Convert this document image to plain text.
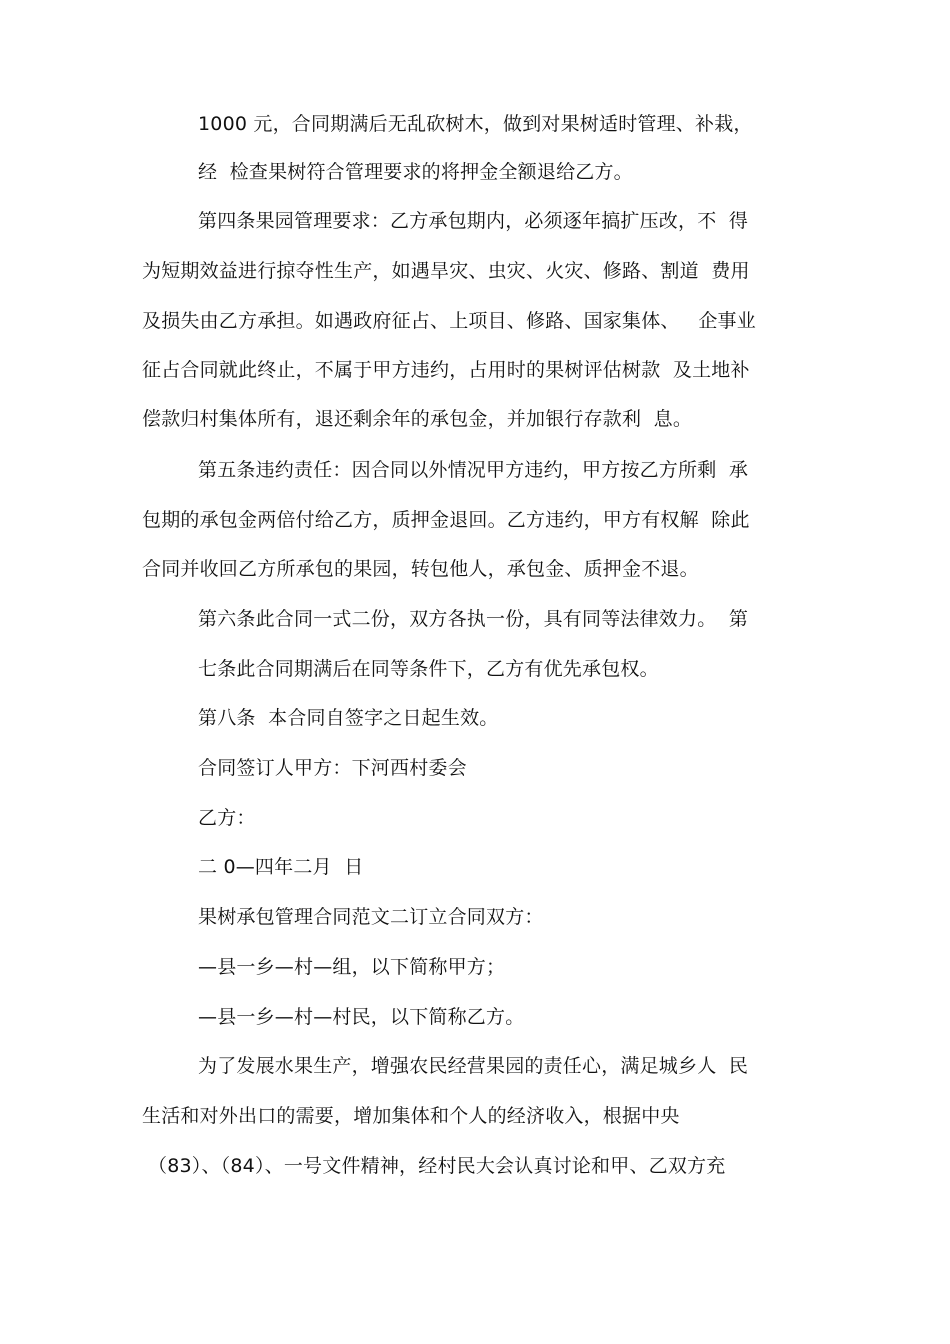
1000 元，合同期满后无乱砍树木，做到对果树适时管理、补栽，
经  检查果树符合管理要求的将押金全额退给乙方。
第四条果园管理要求：乙方承包期内，必须逐年搞扩压改，不  得
为短期效益进行掠夺性生产，如遇旱灾、虫灾、火灾、修路、割道  费用
及损失由乙方承担。如遇政府征占、上项目、修路、国家集体、   企事业
征占合同就此终止，不属于甲方违约，占用时的果树评估树款  及土地补
偿款归村集体所有，退还剩余年的承包金，并加银行存款利  息。
第五条违约责任：因合同以外情况甲方违约，甲方按乙方所剩  承
包期的承包金两倍付给乙方，质押金退回。乙方违约，甲方有权解  除此
合同并收回乙方所承包的果园，转包他人，承包金、质押金不退。
第六条此合同一式二份，双方各执一份，具有同等法律效力。  第
七条此合同期满后在同等条件下，乙方有优先承包权。
第八条  本合同自签字之日起生效。
合同签订人甲方：下河西村委会
乙方：
二 0—四年二月  日
果树承包管理合同范文二订立合同双方：
—县一乡—村—组，以下简称甲方；
—县一乡—村—村民，以下简称乙方。
为了发展水果生产，增强农民经营果园的责任心，满足城乡人  民
生活和对外出口的需要，增加集体和个人的经济收入，根据中央
（83）、（84）、一号文件精神，经村民大会认真讨论和甲、乙双方充
